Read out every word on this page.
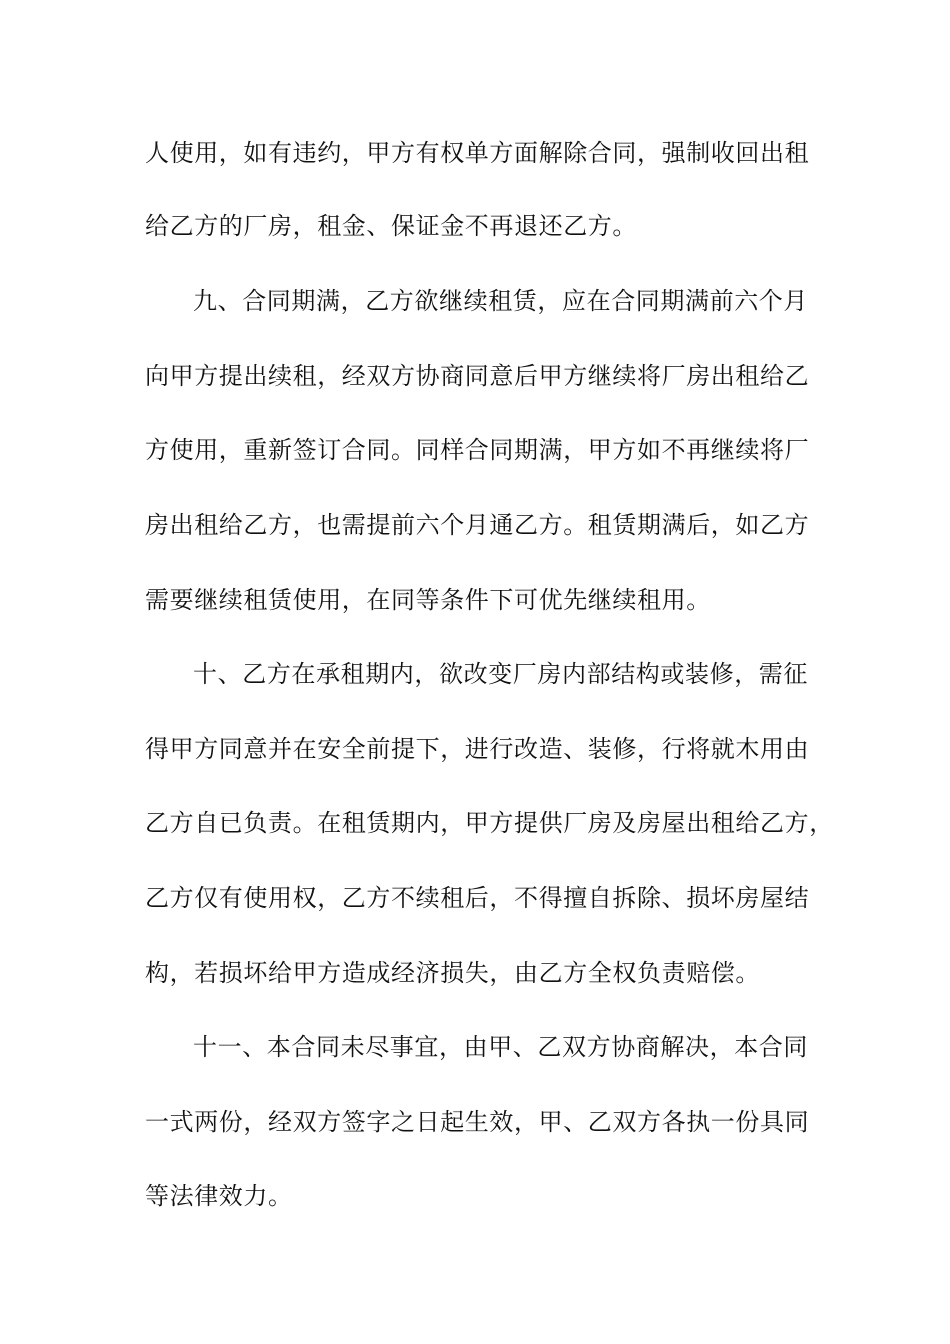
人使用，如有违约，甲方有权单方面解除合同，强制收回出租
给乙方的厂房，租金、保证金不再退还乙方。
九、合同期满，乙方欲继续租赁，应在合同期满前六个月
向甲方提出续租，经双方协商同意后甲方继续将厂房出租给乙
方使用，重新签订合同。同样合同期满，甲方如不再继续将厂
房出租给乙方，也需提前六个月通乙方。租赁期满后，如乙方
需要继续租赁使用，在同等条件下可优先继续租用。
十、乙方在承租期内，欲改变厂房内部结构或装修，需征
得甲方同意并在安全前提下，进行改造、装修，行将就木用由
乙方自已负责。在租赁期内，甲方提供厂房及房屋出租给乙方，
乙方仅有使用权，乙方不续租后，不得擅自拆除、损坏房屋结
构，若损坏给甲方造成经济损失，由乙方全权负责赔偿。
十一、本合同未尽事宜，由甲、乙双方协商解决，本合同
一式两份，经双方签字之日起生效，甲、乙双方各执一份具同
等法律效力。
